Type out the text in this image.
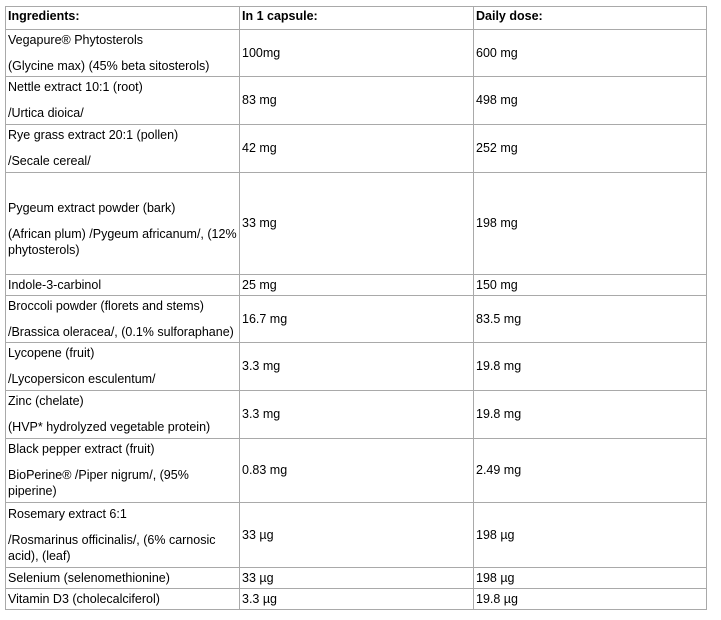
Ingredients:	In 1 capsule:	Daily dose:

Vegapure® Phytosterols
(Glycine max) (45% beta sitosterols)	100mg	600 mg

Nettle extract 10:1 (root)
/Urtica dioica/	83 mg	498 mg

Rye grass extract 20:1 (pollen)
/Secale cereal/	42 mg	252 mg

Pygeum extract powder (bark)
(African plum) /Pygeum africanum/, (12% phytosterols)	33 mg	198 mg

Indole-3-carbinol	25 mg	150 mg

Broccoli powder (florets and stems)
/Brassica oleracea/, (0.1% sulforaphane)	16.7 mg	83.5 mg

Lycopene (fruit)
/Lycopersicon esculentum/	3.3 mg	19.8 mg

Zinc (chelate)
(HVP* hydrolyzed vegetable protein)	3.3 mg	19.8 mg

Black pepper extract (fruit)
BioPerine® /Piper nigrum/, (95% piperine)	0.83 mg	2.49 mg

Rosemary extract 6:1
/Rosmarinus officinalis/, (6% carnosic acid), (leaf)	33 µg	198 µg

Selenium (selenomethionine)	33 µg	198 µg

Vitamin D3 (cholecalciferol)	3.3 µg	19.8 µg
